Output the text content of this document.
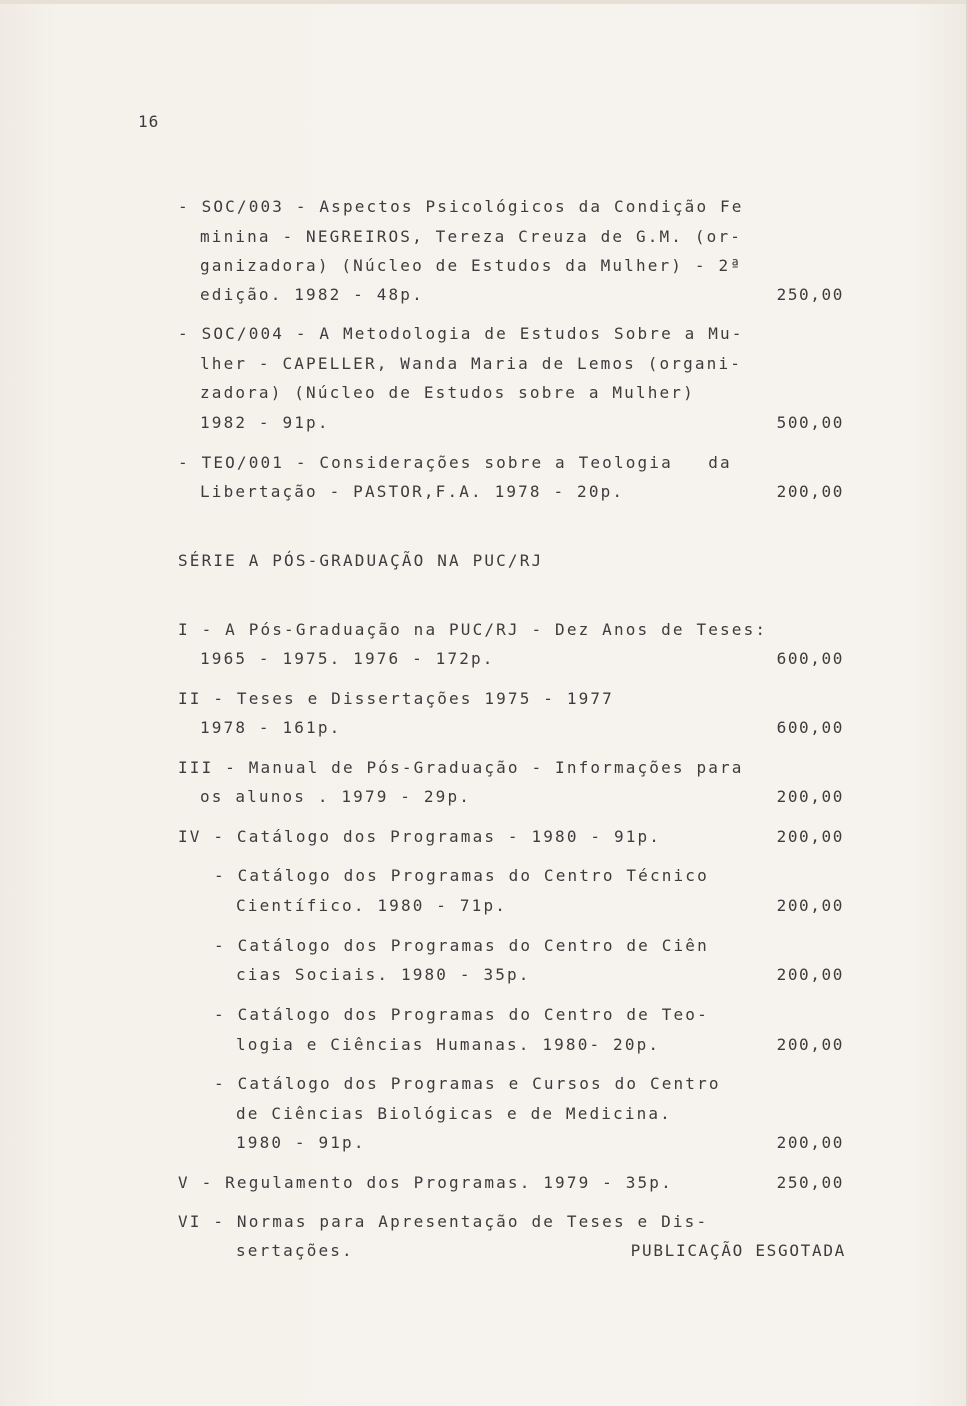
16
- SOC/003 - Aspectos Psicológicos da Condição Fe
minina - NEGREIROS, Tereza Creuza de G.M. (or-
ganizadora) (Núcleo de Estudos da Mulher) - 2ª
edição. 1982 - 48p.	250,00
- SOC/004 - A Metodologia de Estudos Sobre a Mu-
lher - CAPELLER, Wanda Maria de Lemos (organi-
zadora) (Núcleo de Estudos sobre a Mulher)
1982 - 91p.	500,00
- TEO/001 - Considerações sobre a Teologia   da
Libertação - PASTOR,F.A. 1978 - 20p.	200,00
SÉRIE A PÓS-GRADUAÇÃO NA PUC/RJ
I - A Pós-Graduação na PUC/RJ - Dez Anos de Teses:
1965 - 1975. 1976 - 172p.	600,00
II - Teses e Dissertações 1975 - 1977
1978 - 161p.	600,00
III - Manual de Pós-Graduação - Informações para
os alunos . 1979 - 29p.	200,00
IV - Catálogo dos Programas - 1980 - 91p.	200,00
- Catálogo dos Programas do Centro Técnico
Científico. 1980 - 71p.	200,00
- Catálogo dos Programas do Centro de Ciên
cias Sociais. 1980 - 35p.	200,00
- Catálogo dos Programas do Centro de Teo-
logia e Ciências Humanas. 1980- 20p.	200,00
- Catálogo dos Programas e Cursos do Centro
de Ciências Biológicas e de Medicina.
1980 - 91p.	200,00
V - Regulamento dos Programas. 1979 - 35p.	250,00
VI - Normas para Apresentação de Teses e Dis-
sertações.	PUBLICAÇÃO ESGOTADA
